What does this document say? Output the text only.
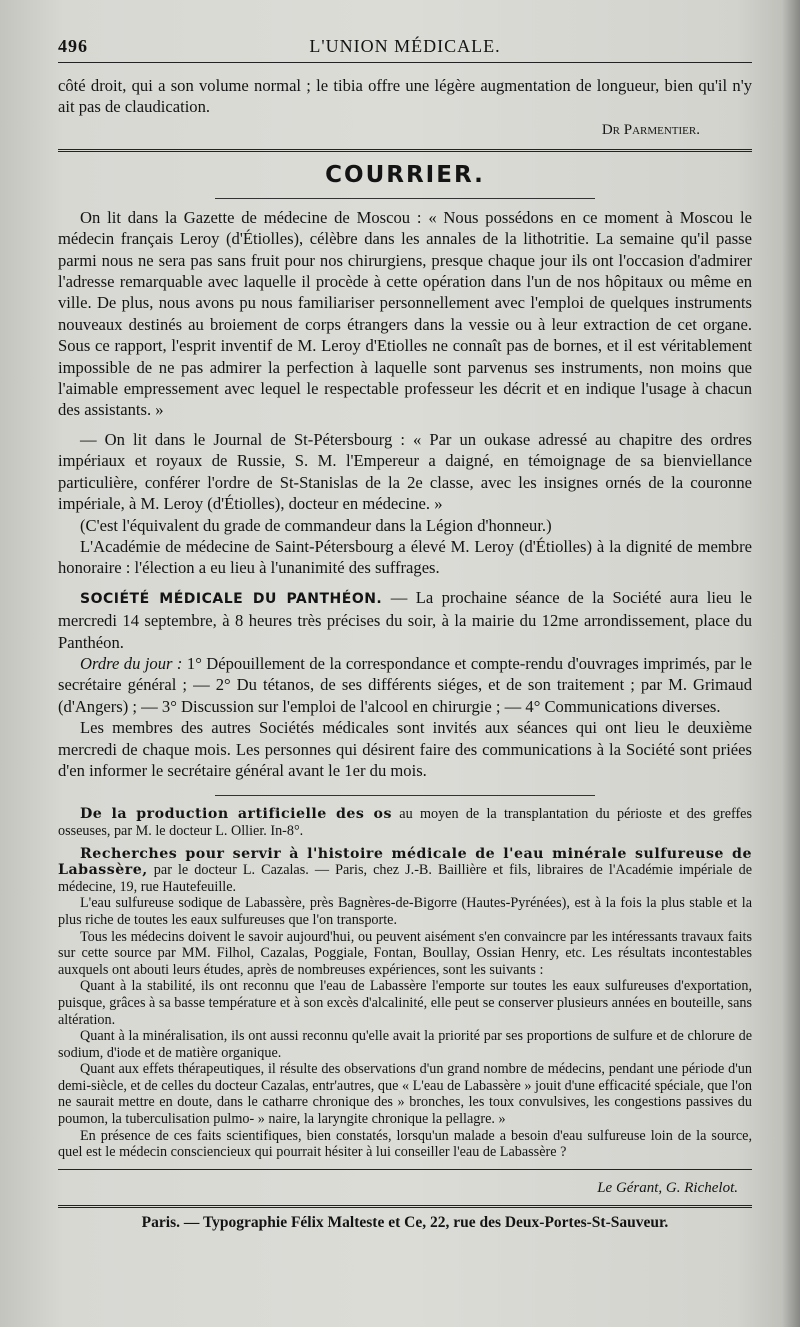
496	L'UNION MÉDICALE.

côté droit, qui a son volume normal ; le tibia offre une légère augmentation de longueur, bien qu'il n'y ait pas de claudication.

Dr Parmentier.
COURRIER.

On lit dans la Gazette de médecine de Moscou : « Nous possédons en ce moment à Moscou le médecin français Leroy (d'Étiolles), célèbre dans les annales de la lithotritie. La semaine qu'il passe parmi nous ne sera pas sans fruit pour nos chirurgiens, presque chaque jour ils ont l'occasion d'admirer l'adresse remarquable avec laquelle il procède à cette opération dans l'un de nos hôpitaux ou même en ville. De plus, nous avons pu nous familiariser personnellement avec l'emploi de quelques instruments nouveaux destinés au broiement de corps étrangers dans la vessie ou à leur extraction de cet organe. Sous ce rapport, l'esprit inventif de M. Leroy d'Etiolles ne connaît pas de bornes, et il est véritablement impossible de ne pas admirer la perfection à laquelle sont parvenus ses instruments, non moins que l'aimable empressement avec lequel le respectable professeur les décrit et en indique l'usage à chacun des assistants. »

— On lit dans le Journal de St-Pétersbourg : « Par un oukase adressé au chapitre des ordres impériaux et royaux de Russie, S. M. l'Empereur a daigné, en témoignage de sa bienviellance particulière, conférer l'ordre de St-Stanislas de la 2e classe, avec les insignes ornés de la couronne impériale, à M. Leroy (d'Étiolles), docteur en médecine. »

(C'est l'équivalent du grade de commandeur dans la Légion d'honneur.)

L'Académie de médecine de Saint-Pétersbourg a élevé M. Leroy (d'Étiolles) à la dignité de membre honoraire : l'élection a eu lieu à l'unanimité des suffrages.

SOCIÉTÉ MÉDICALE DU PANTHÉON. — La prochaine séance de la Société aura lieu le mercredi 14 septembre, à 8 heures très précises du soir, à la mairie du 12me arrondissement, place du Panthéon.

Ordre du jour : 1° Dépouillement de la correspondance et compte-rendu d'ouvrages imprimés, par le secrétaire général ; — 2° Du tétanos, de ses différents siéges, et de son traitement ; par M. Grimaud (d'Angers) ; — 3° Discussion sur l'emploi de l'alcool en chirurgie ; — 4° Communications diverses.

Les membres des autres Sociétés médicales sont invités aux séances qui ont lieu le deuxième mercredi de chaque mois. Les personnes qui désirent faire des communications à la Société sont priées d'en informer le secrétaire général avant le 1er du mois.

De la production artificielle des os au moyen de la transplantation du périoste et des greffes osseuses, par M. le docteur L. Ollier. In-8°.

Recherches pour servir à l'histoire médicale de l'eau minérale sulfureuse de Labassère, par le docteur L. Cazalas. — Paris, chez J.-B. Baillière et fils, libraires de l'Académie impériale de médecine, 19, rue Hautefeuille.

L'eau sulfureuse sodique de Labassère, près Bagnères-de-Bigorre (Hautes-Pyrénées), est à la fois la plus stable et la plus riche de toutes les eaux sulfureuses que l'on transporte.

Tous les médecins doivent le savoir aujourd'hui, ou peuvent aisément s'en convaincre par les intéressants travaux faits sur cette source par MM. Filhol, Cazalas, Poggiale, Fontan, Boullay, Ossian Henry, etc. Les résultats incontestables auxquels ont abouti leurs études, après de nombreuses expériences, sont les suivants :

Quant à la stabilité, ils ont reconnu que l'eau de Labassère l'emporte sur toutes les eaux sulfureuses d'exportation, puisque, grâces à sa basse température et à son excès d'alcalinité, elle peut se conserver plusieurs années en bouteille, sans altération.

Quant à la minéralisation, ils ont aussi reconnu qu'elle avait la priorité par ses proportions de sulfure et de chlorure de sodium, d'iode et de matière organique.

Quant aux effets thérapeutiques, il résulte des observations d'un grand nombre de médecins, pendant une période d'un demi-siècle, et de celles du docteur Cazalas, entr'autres, que « L'eau de Labassère » jouit d'une efficacité spéciale, que l'on ne saurait mettre en doute, dans le catharre chronique des » bronches, les toux convulsives, les congestions passives du poumon, la tuberculisation pulmo- » naire, la laryngite chronique la pellagre. »

En présence de ces faits scientifiques, bien constatés, lorsqu'un malade a besoin d'eau sulfureuse loin de la source, quel est le médecin consciencieux qui pourrait hésiter à lui conseiller l'eau de Labassère ?

Le Gérant, G. Richelot.
Paris. — Typographie Félix Malteste et Ce, 22, rue des Deux-Portes-St-Sauveur.
